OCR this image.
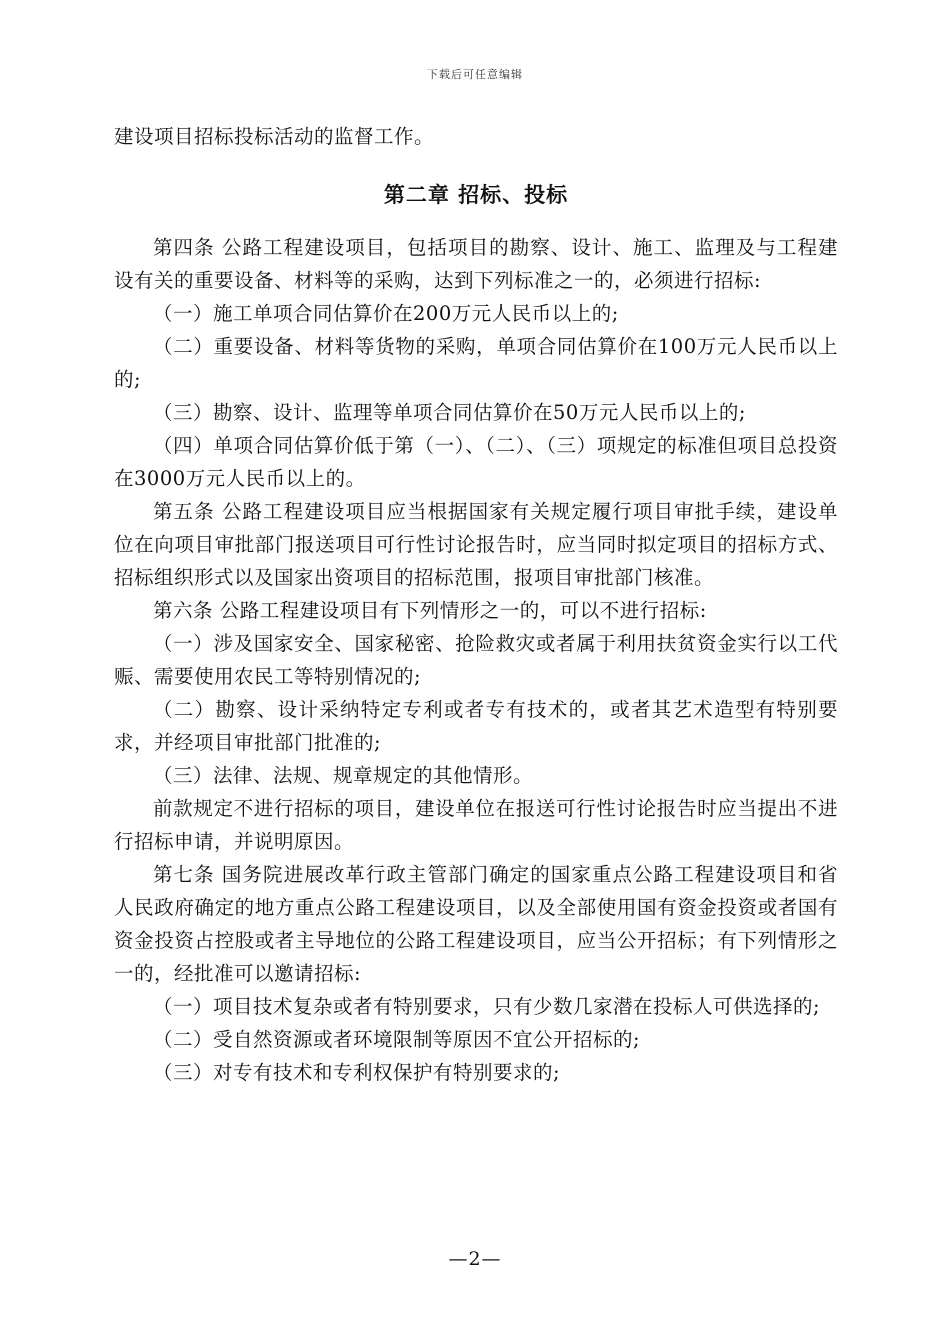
下载后可任意编辑

建设项目招标投标活动的监督工作。

第二章 招标、投标

第四条 公路工程建设项目，包括项目的勘察、设计、施工、监理及与工程建设有关的重要设备、材料等的采购，达到下列标准之一的，必须进行招标:

（一）施工单项合同估算价在200万元人民币以上的;

（二）重要设备、材料等货物的采购，单项合同估算价在100万元人民币以上的;

（三）勘察、设计、监理等单项合同估算价在50万元人民币以上的;

（四）单项合同估算价低于第（一）、（二）、（三）项规定的标准但项目总投资在3000万元人民币以上的。

第五条 公路工程建设项目应当根据国家有关规定履行项目审批手续，建设单位在向项目审批部门报送项目可行性讨论报告时，应当同时拟定项目的招标方式、招标组织形式以及国家出资项目的招标范围，报项目审批部门核准。

第六条 公路工程建设项目有下列情形之一的，可以不进行招标:

（一）涉及国家安全、国家秘密、抢险救灾或者属于利用扶贫资金实行以工代赈、需要使用农民工等特别情况的;

（二）勘察、设计采纳特定专利或者专有技术的，或者其艺术造型有特别要求，并经项目审批部门批准的;

（三）法律、法规、规章规定的其他情形。

前款规定不进行招标的项目，建设单位在报送可行性讨论报告时应当提出不进行招标申请，并说明原因。

第七条 国务院进展改革行政主管部门确定的国家重点公路工程建设项目和省人民政府确定的地方重点公路工程建设项目，以及全部使用国有资金投资或者国有资金投资占控股或者主导地位的公路工程建设项目，应当公开招标；有下列情形之一的，经批准可以邀请招标:

（一）项目技术复杂或者有特别要求，只有少数几家潜在投标人可供选择的;

（二）受自然资源或者环境限制等原因不宜公开招标的;

（三）对专有技术和专利权保护有特别要求的;

—2—
